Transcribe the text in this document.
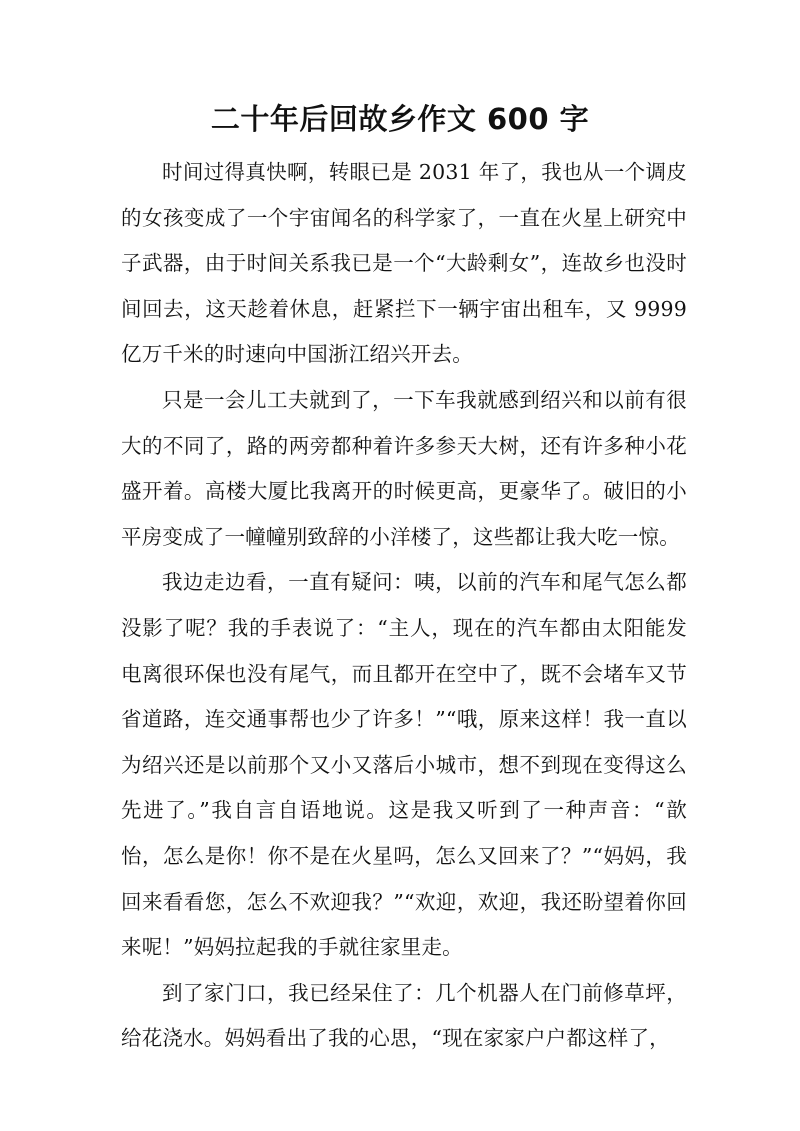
二十年后回故乡作文 600 字

时间过得真快啊，转眼已是 2031 年了，我也从一个调皮的女孩变成了一个宇宙闻名的科学家了，一直在火星上研究中子武器，由于时间关系我已是一个“大龄剩女”，连故乡也没时间回去，这天趁着休息，赶紧拦下一辆宇宙出租车，又 9999 亿万千米的时速向中国浙江绍兴开去。

只是一会儿工夫就到了，一下车我就感到绍兴和以前有很大的不同了，路的两旁都种着许多参天大树，还有许多种小花盛开着。高楼大厦比我离开的时候更高，更豪华了。破旧的小平房变成了一幢幢别致辞的小洋楼了，这些都让我大吃一惊。

我边走边看，一直有疑问：咦，以前的汽车和尾气怎么都没影了呢？我的手表说了：“主人，现在的汽车都由太阳能发电离很环保也没有尾气，而且都开在空中了，既不会堵车又节省道路，连交通事帮也少了许多！”“哦，原来这样！我一直以为绍兴还是以前那个又小又落后小城市，想不到现在变得这么先进了。”我自言自语地说。这是我又听到了一种声音：“歆怡，怎么是你！你不是在火星吗，怎么又回来了？”“妈妈，我回来看看您，怎么不欢迎我？”“欢迎，欢迎，我还盼望着你回来呢！”妈妈拉起我的手就往家里走。

到了家门口，我已经呆住了：几个机器人在门前修草坪，给花浇水。妈妈看出了我的心思，“现在家家户户都这样了，
